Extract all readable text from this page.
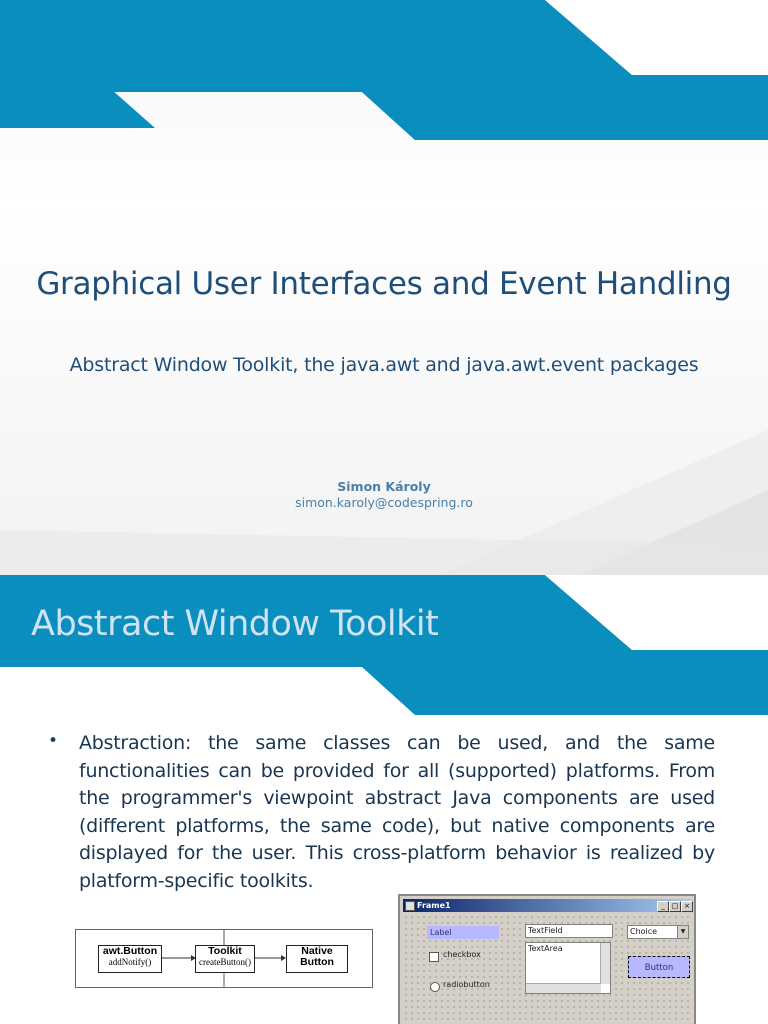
Graphical User Interfaces and Event Handling
Abstract Window Toolkit, the java.awt and java.awt.event packages
Simon Károly
simon.karoly@codespring.ro
Abstract Window Toolkit
• Abstraction: the same classes can be used, and the same functionalities can be provided for all (supported) platforms. From the programmer's viewpoint abstract Java components are used (different platforms, the same code), but native components are displayed for the user. This cross-platform behavior is realized by platform-specific toolkits.
awt.Button
addNotify()
Toolkit
createButton()
Native
Button
Frame1	_ □ ×
Label	TextField	Choice	▼
checkbox
TextArea
Button
radiobutton
